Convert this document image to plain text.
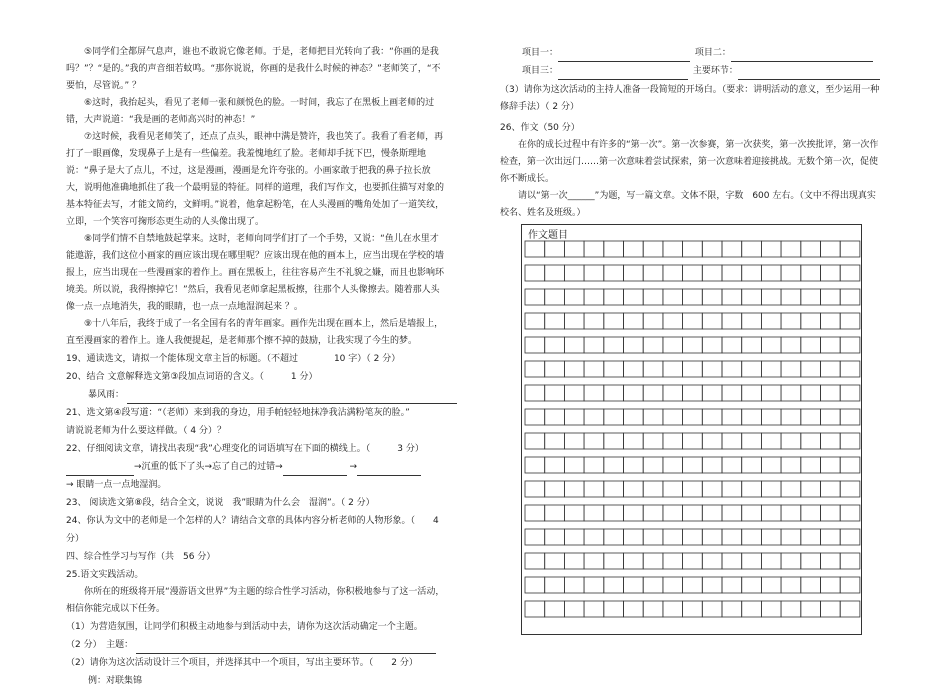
⑤同学们全都屏气息声，谁也不敢说它像老师。于是，老师把目光转向了我：“你画的是我吗？”？“是的。”我的声音细若蚊鸣。“那你说说，你画的是我什么时候的神态？”老师笑了，“不要怕，尽管说。” ？

⑥这时，我抬起头，看见了老师一张和颜悦色的脸。一时间，我忘了在黑板上画老师的过错，大声说道：“我是画的老师高兴时的神态！”

⑦这时候，我看见老师笑了，还点了点头，眼神中满是赞许，我也笑了。我看了看老师，再打了一眼画像，发现鼻子上是有一些偏差。我羞愧地红了脸。老师却手抚下巴，慢条斯理地说：“鼻子是大了点儿，不过，这是漫画，漫画是允许夸张的。小画家敢于把我的鼻子拉长放大，说明他准确地抓住了我一个最明显的特征。同样的道理，我们写作文，也要抓住描写对象的基本特征去写，才能文简约，文鲜明。”说着，他拿起粉笔，在人头漫画的嘴角处加了一道笑纹，立即，一个笑容可掬形态更生动的人头像出现了。

⑧同学们情不自禁地鼓起掌来。这时，老师向同学们打了一个手势，又说：“鱼儿在水里才能遨游，我们这位小画家的画应该出现在哪里呢？应该出现在他的画本上，应当出现在学校的墙报上，应当出现在一些漫画家的着作上。画在黑板上，往往容易产生不礼貌之嫌，而且也影响环境美。所以说，我得擦掉它！”然后，我看见老师拿起黑板擦，往那个人头像擦去。随着那人头像一点一点地消失，我的眼睛，也一点一点地湿润起来 ？。

⑨十八年后，我终于成了一名全国有名的青年画家。画作先出现在画本上，然后是墙报上，直至漫画家的着作上。逢人我便提起，是老师那个擦不掉的鼓励，让我实现了今生的梦。

19、通读选文，请拟一个能体现文章主旨的标题。（不超过　　　　10 字）（ 2 分）

20、结合 文意解释选文第③段加点词语的含义。（　　　1 分）

暴风雨：

21、选文第④段写道：“（老师）来到我的身边，用手帕轻轻地抹净我沾满粉笔灰的脸。”

请说说老师为什么要这样做。（ 4 分）？

22、仔细阅读文章，请找出表现“我”心理变化的词语填写在下面的横线上。（　　　3 分）

→沉重的低下了头→忘了自己的过错→	→

→ 眼睛一点一点地湿润。

23、 阅读选文第⑧段，结合全文，说说　我”眼睛为什么会　湿润”。（ 2 分）

24、你认为文中的老师是一个怎样的人？请结合文章的具体内容分析老师的人物形象。（　　4

分）

四、综合性学习与写作（共　56 分）

25.语文实践活动。

你所在的班级将开展“漫游语文世界”为主题的综合性学习活动，你积极地参与了这一活动，相信你能完成以下任务。

（1）为营造氛围，让同学们积极主动地参与到活动中去，请你为这次活动确定一个主题。

（2 分）　主题：

（2）请你为这次活动设计三个项目，并选择其中一个项目，写出主要环节。（　　2 分）

例：对联集锦

项目一：	项目二：

项目三：	主要环节：

（3）请你为这次活动的主持人准备一段简短的开场白。（要求：讲明活动的意义，至少运用一种修辞手法）（ 2 分）

26、作文（50 分）

在你的成长过程中有许多的“第一次”。第一次参赛，第一次获奖，第一次挨批评，第一次作检查，第一次出远门……第一次意味着尝试探索，第一次意味着迎接挑战。无数个第一次，促使你不断成长。

请以“第一次______”为题，写一篇文章。文体不限，字数　600 左右。（文中不得出现真实校名、姓名及班级。）

作文题目
